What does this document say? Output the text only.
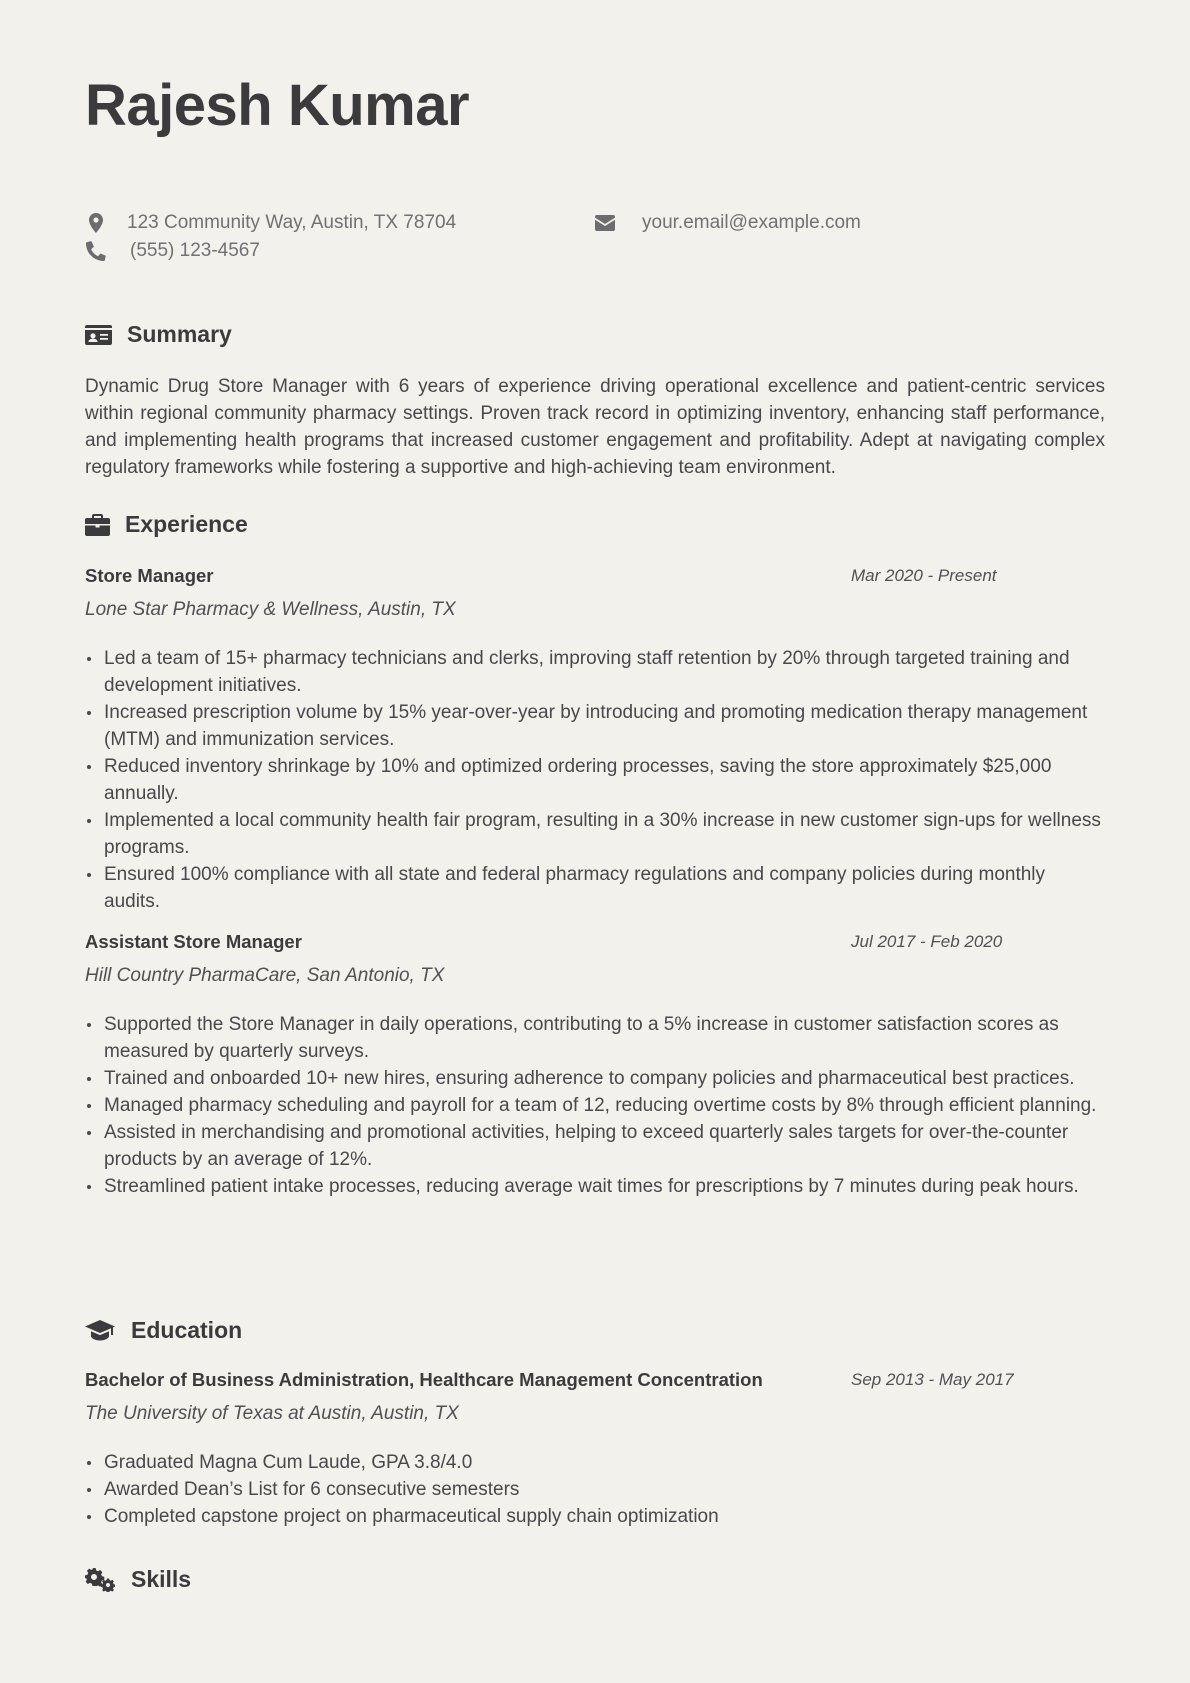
Rajesh Kumar
123 Community Way, Austin, TX 78704
(555) 123-4567
your.email@example.com
Summary

Dynamic Drug Store Manager with 6 years of experience driving operational excellence and patient-centric services within regional community pharmacy settings. Proven track record in optimizing inventory, enhancing staff performance, and implementing health programs that increased customer engagement and profitability. Adept at navigating complex regulatory frameworks while fostering a supportive and high-achieving team environment.

Experience
Store Manager	Mar 2020 - Present
Lone Star Pharmacy & Wellness, Austin, TX
Led a team of 15+ pharmacy technicians and clerks, improving staff retention by 20% through targeted training and development initiatives.
Increased prescription volume by 15% year-over-year by introducing and promoting medication therapy management (MTM) and immunization services.
Reduced inventory shrinkage by 10% and optimized ordering processes, saving the store approximately $25,000 annually.
Implemented a local community health fair program, resulting in a 30% increase in new customer sign-ups for wellness programs.
Ensured 100% compliance with all state and federal pharmacy regulations and company policies during monthly audits.
Assistant Store Manager	Jul 2017 - Feb 2020
Hill Country PharmaCare, San Antonio, TX
Supported the Store Manager in daily operations, contributing to a 5% increase in customer satisfaction scores as measured by quarterly surveys.
Trained and onboarded 10+ new hires, ensuring adherence to company policies and pharmaceutical best practices.
Managed pharmacy scheduling and payroll for a team of 12, reducing overtime costs by 8% through efficient planning.
Assisted in merchandising and promotional activities, helping to exceed quarterly sales targets for over-the-counter products by an average of 12%.
Streamlined patient intake processes, reducing average wait times for prescriptions by 7 minutes during peak hours.
Education
Bachelor of Business Administration, Healthcare Management Concentration	Sep 2013 - May 2017
The University of Texas at Austin, Austin, TX
Graduated Magna Cum Laude, GPA 3.8/4.0
Awarded Dean’s List for 6 consecutive semesters
Completed capstone project on pharmaceutical supply chain optimization
Skills
